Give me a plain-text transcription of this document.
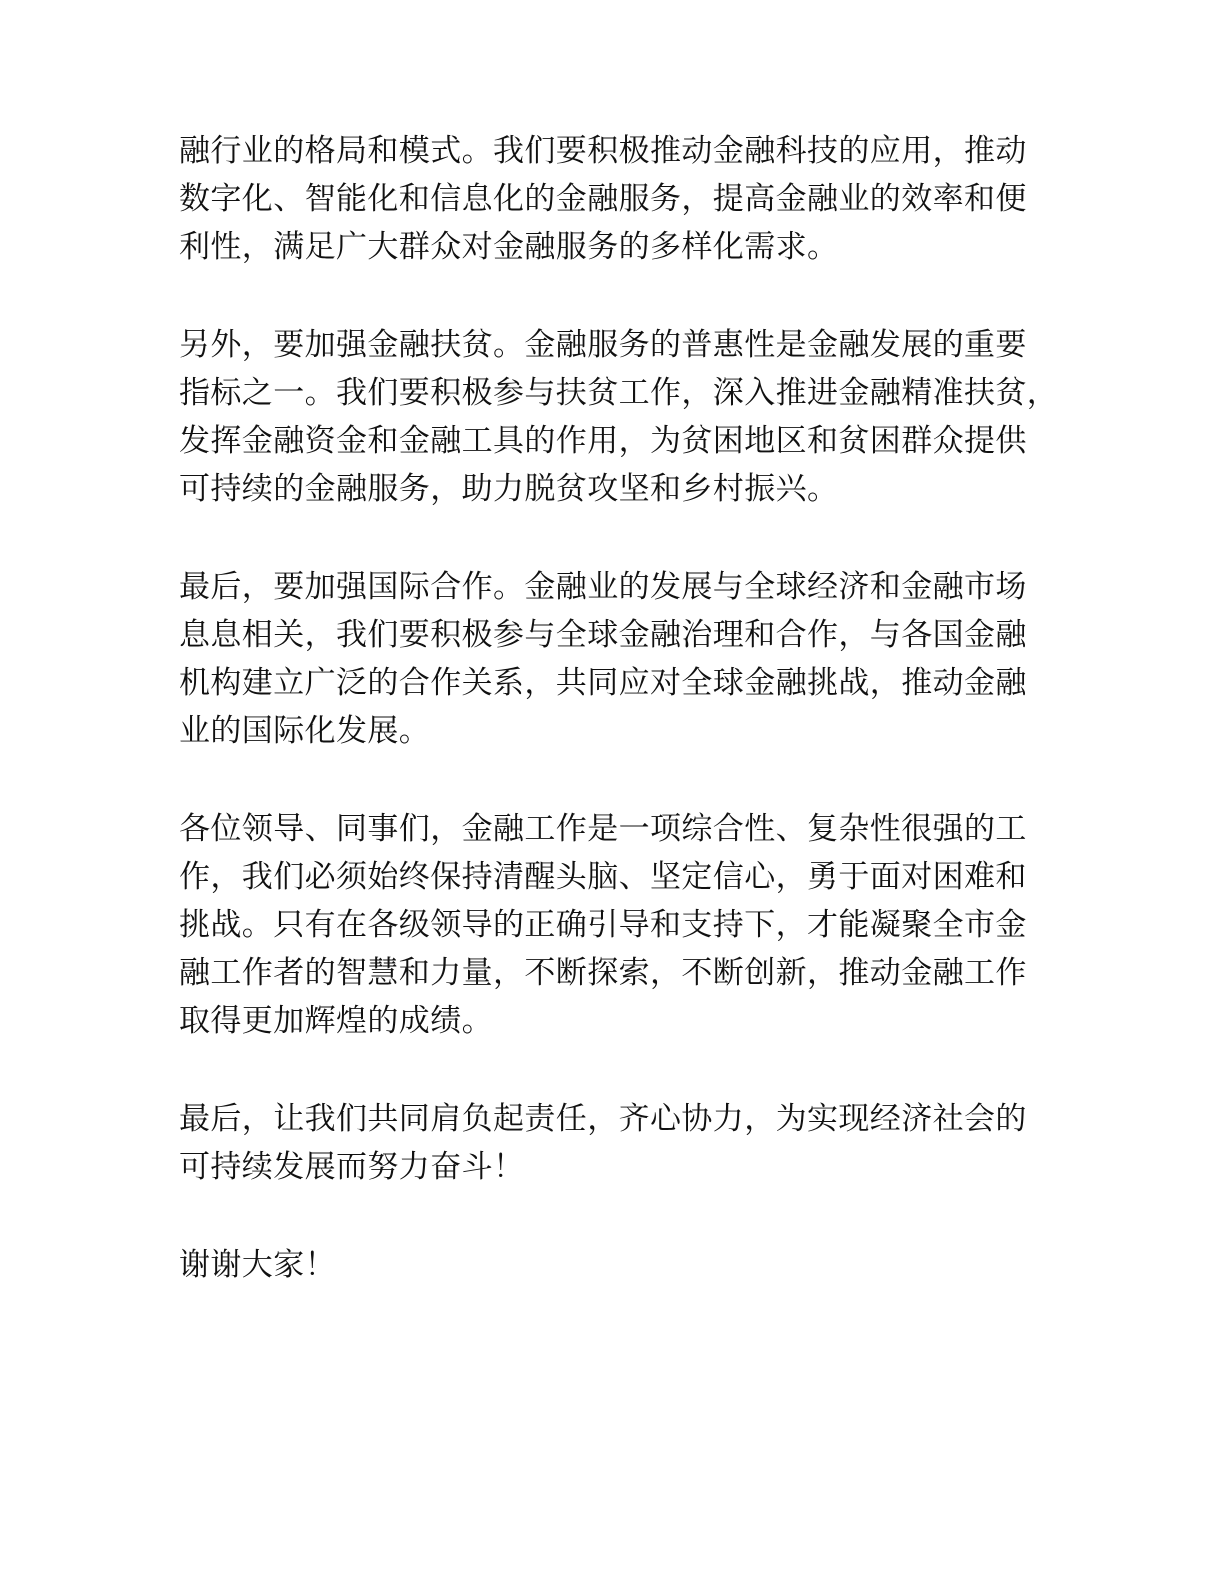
融行业的格局和模式。我们要积极推动金融科技的应用，推动
数字化、智能化和信息化的金融服务，提高金融业的效率和便
利性，满足广大群众对金融服务的多样化需求。
另外，要加强金融扶贫。金融服务的普惠性是金融发展的重要
指标之一。我们要积极参与扶贫工作，深入推进金融精准扶贫，
发挥金融资金和金融工具的作用，为贫困地区和贫困群众提供
可持续的金融服务，助力脱贫攻坚和乡村振兴。
最后，要加强国际合作。金融业的发展与全球经济和金融市场
息息相关，我们要积极参与全球金融治理和合作，与各国金融
机构建立广泛的合作关系，共同应对全球金融挑战，推动金融
业的国际化发展。
各位领导、同事们，金融工作是一项综合性、复杂性很强的工
作，我们必须始终保持清醒头脑、坚定信心，勇于面对困难和
挑战。只有在各级领导的正确引导和支持下，才能凝聚全市金
融工作者的智慧和力量，不断探索，不断创新，推动金融工作
取得更加辉煌的成绩。
最后，让我们共同肩负起责任，齐心协力，为实现经济社会的
可持续发展而努力奋斗！
谢谢大家！
